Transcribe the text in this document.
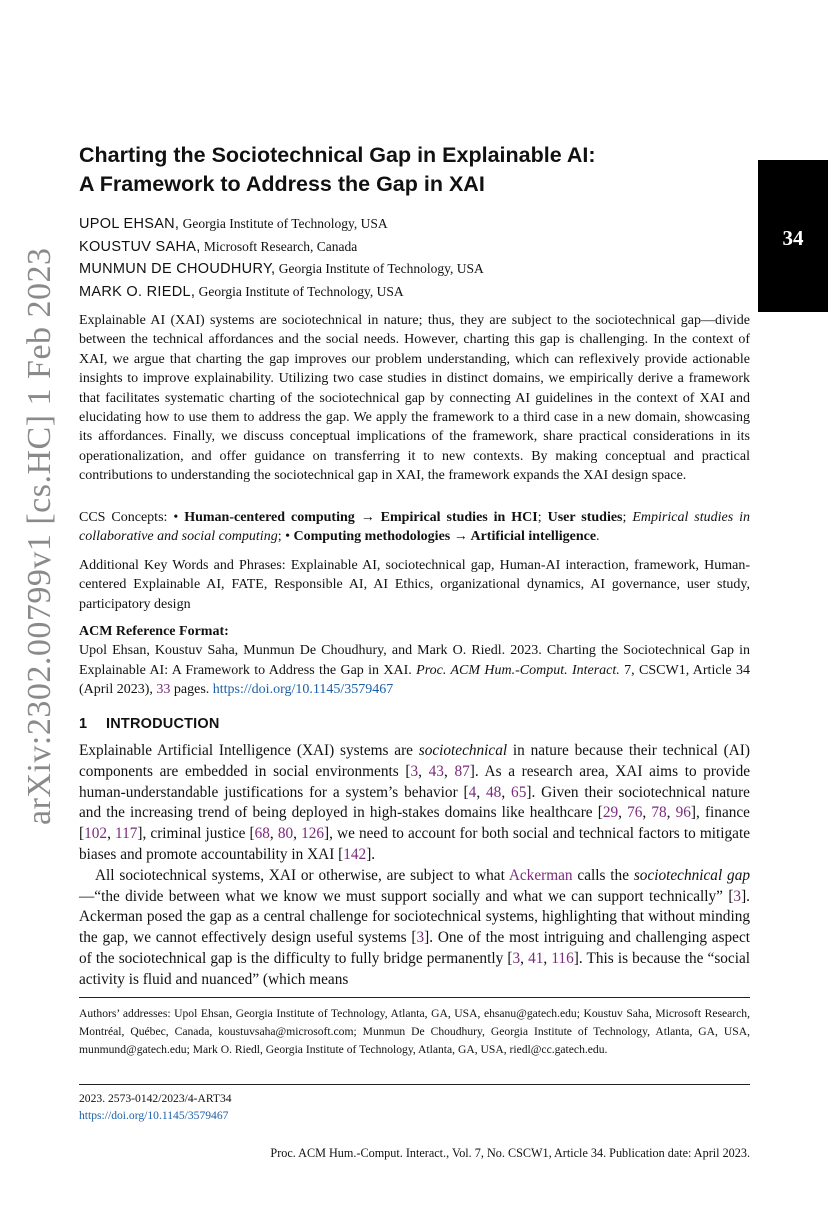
arXiv:2302.00799v1 [cs.HC] 1 Feb 2023
34
Charting the Sociotechnical Gap in Explainable AI:
A Framework to Address the Gap in XAI
UPOL EHSAN, Georgia Institute of Technology, USA
KOUSTUV SAHA, Microsoft Research, Canada
MUNMUN DE CHOUDHURY, Georgia Institute of Technology, USA
MARK O. RIEDL, Georgia Institute of Technology, USA

Explainable AI (XAI) systems are sociotechnical in nature; thus, they are subject to the sociotechnical gap—divide between the technical affordances and the social needs. However, charting this gap is challenging. In the context of XAI, we argue that charting the gap improves our problem understanding, which can reflexively provide actionable insights to improve explainability. Utilizing two case studies in distinct domains, we empirically derive a framework that facilitates systematic charting of the sociotechnical gap by connecting AI guidelines in the context of XAI and elucidating how to use them to address the gap. We apply the framework to a third case in a new domain, showcasing its affordances. Finally, we discuss conceptual implications of the framework, share practical considerations in its operationalization, and offer guidance on transferring it to new contexts. By making conceptual and practical contributions to understanding the sociotechnical gap in XAI, the framework expands the XAI design space.

CCS Concepts: • Human-centered computing → Empirical studies in HCI; User studies; Empirical studies in collaborative and social computing; • Computing methodologies → Artificial intelligence.

Additional Key Words and Phrases: Explainable AI, sociotechnical gap, Human-AI interaction, framework, Human-centered Explainable AI, FATE, Responsible AI, AI Ethics, organizational dynamics, AI governance, user study, participatory design

ACM Reference Format:

Upol Ehsan, Koustuv Saha, Munmun De Choudhury, and Mark O. Riedl. 2023. Charting the Sociotechnical Gap in Explainable AI: A Framework to Address the Gap in XAI. Proc. ACM Hum.-Comput. Interact. 7, CSCW1, Article 34 (April 2023), 33 pages. https://doi.org/10.1145/3579467

1 INTRODUCTION

Explainable Artificial Intelligence (XAI) systems are sociotechnical in nature because their technical (AI) components are embedded in social environments [3, 43, 87]. As a research area, XAI aims to provide human-understandable justifications for a system’s behavior [4, 48, 65]. Given their sociotechnical nature and the increasing trend of being deployed in high-stakes domains like healthcare [29, 76, 78, 96], finance [102, 117], criminal justice [68, 80, 126], we need to account for both social and technical factors to mitigate biases and promote accountability in XAI [142].

All sociotechnical systems, XAI or otherwise, are subject to what Ackerman calls the sociotechnical gap—“the divide between what we know we must support socially and what we can support technically” [3]. Ackerman posed the gap as a central challenge for sociotechnical systems, highlighting that without minding the gap, we cannot effectively design useful systems [3]. One of the most intriguing and challenging aspect of the sociotechnical gap is the difficulty to fully bridge permanently [3, 41, 116]. This is because the “social activity is fluid and nuanced” (which means

Authors’ addresses: Upol Ehsan, Georgia Institute of Technology, Atlanta, GA, USA, ehsanu@gatech.edu; Koustuv Saha, Microsoft Research, Montréal, Québec, Canada, koustuvsaha@microsoft.com; Munmun De Choudhury, Georgia Institute of Technology, Atlanta, GA, USA, munmund@gatech.edu; Mark O. Riedl, Georgia Institute of Technology, Atlanta, GA, USA, riedl@cc.gatech.edu.
2023. 2573-0142/2023/4-ART34
https://doi.org/10.1145/3579467
Proc. ACM Hum.-Comput. Interact., Vol. 7, No. CSCW1, Article 34. Publication date: April 2023.
